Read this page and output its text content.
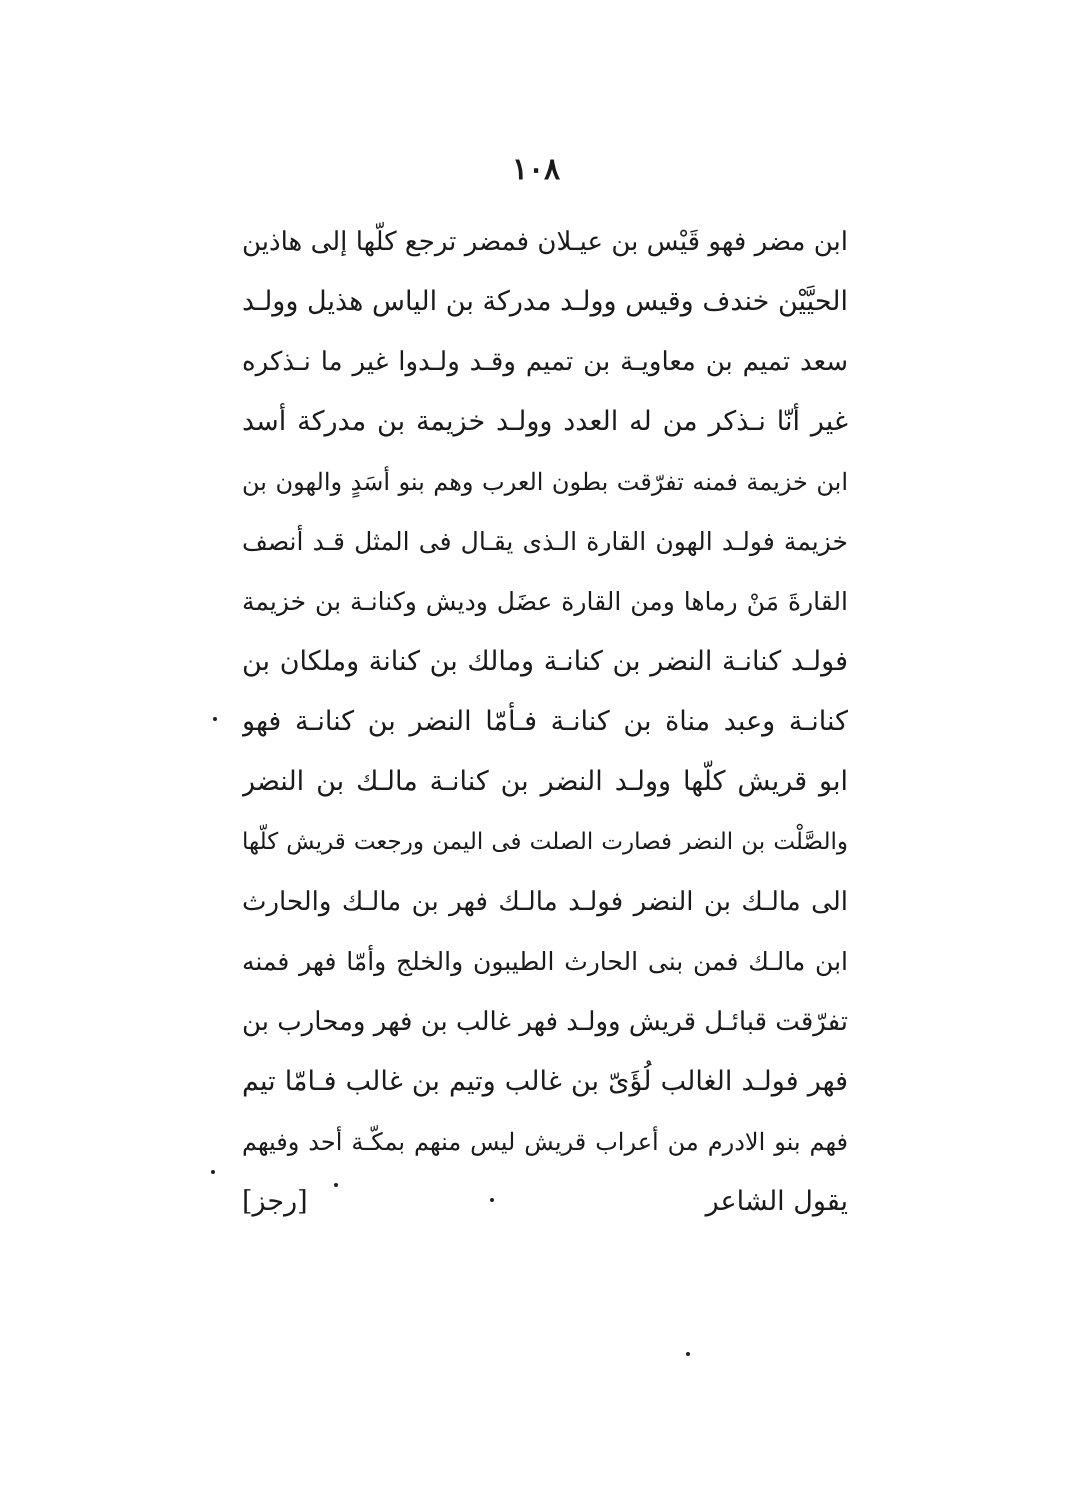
١٠٨
ابن مضر فهو قَيْس بن عيـلان فمضر ترجع كلّها إلى هاذين
الحيَّيْن خندف وقيس وولـد مدركة بن الياس هذيل وولـد
سعد تميم بن معاويـة بن تميم وقـد ولـدوا غير ما نـذكره
غير أنّا نـذكر من له العدد وولـد خزيمة بن مدركة أسد
ابن خزيمة فمنه تفرّقت بطون العرب وهم بنو أسَدٍ والهون بن
خزيمة فولـد الهون القارة الـذى يقـال فى المثل قـد أنصف
القارةَ مَنْ رماها ومن القارة عضَل وديش وكنانـة بن خزيمة
فولـد كنانـة النضر بن كنانـة ومالك بن كنانة وملكان بن
كنانـة وعبد مناة بن كنانـة فـأمّا النضر بن كنانـة فهو
ابو قريش كلّها وولـد النضر بن كنانـة مالـك بن النضر
والصَّلْت بن النضر فصارت الصلت فى اليمن ورجعت قريش كلّها
الى مالـك بن النضر فولـد مالـك فهر بن مالـك والحارث
ابن مالـك فمن بنى الحارث الطيبون والخلج وأمّا فهر فمنه
تفرّقت قبائـل قريش وولـد فهر غالب بن فهر ومحارب بن
فهر فولـد الغالب لُؤَىّ بن غالب وتيم بن غالب فـامّا تيم
فهم بنو الادرم من أعراب قريش ليس منهم بمكّـة أحد وفيهم
يقول الشاعر
[رجز]
